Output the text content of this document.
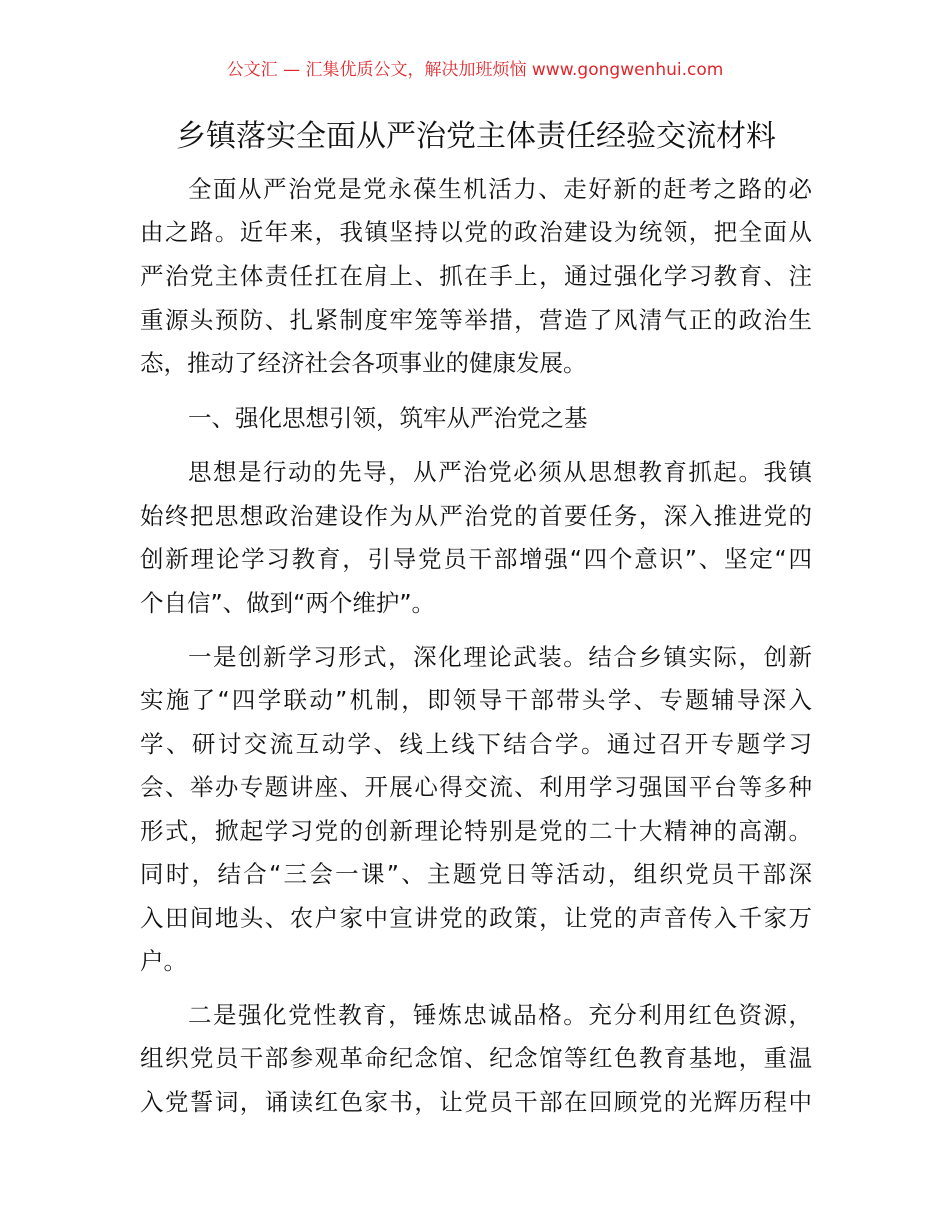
公文汇 — 汇集优质公文，解决加班烦恼 www.gongwenhui.com
乡镇落实全面从严治党主体责任经验交流材料
全面从严治党是党永葆生机活力、走好新的赶考之路的必
由之路。近年来，我镇坚持以党的政治建设为统领，把全面从
严治党主体责任扛在肩上、抓在手上，通过强化学习教育、注
重源头预防、扎紧制度牢笼等举措，营造了风清气正的政治生
态，推动了经济社会各项事业的健康发展。
一、强化思想引领，筑牢从严治党之基
思想是行动的先导，从严治党必须从思想教育抓起。我镇
始终把思想政治建设作为从严治党的首要任务，深入推进党的
创新理论学习教育，引导党员干部增强“四个意识”、坚定“四
个自信”、做到“两个维护”。
一是创新学习形式，深化理论武装。结合乡镇实际，创新
实施了“四学联动”机制，即领导干部带头学、专题辅导深入
学、研讨交流互动学、线上线下结合学。通过召开专题学习
会、举办专题讲座、开展心得交流、利用学习强国平台等多种
形式，掀起学习党的创新理论特别是党的二十大精神的高潮。
同时，结合“三会一课”、主题党日等活动，组织党员干部深
入田间地头、农户家中宣讲党的政策，让党的声音传入千家万
户。
二是强化党性教育，锤炼忠诚品格。充分利用红色资源，
组织党员干部参观革命纪念馆、纪念馆等红色教育基地，重温
入党誓词，诵读红色家书，让党员干部在回顾党的光辉历程中
